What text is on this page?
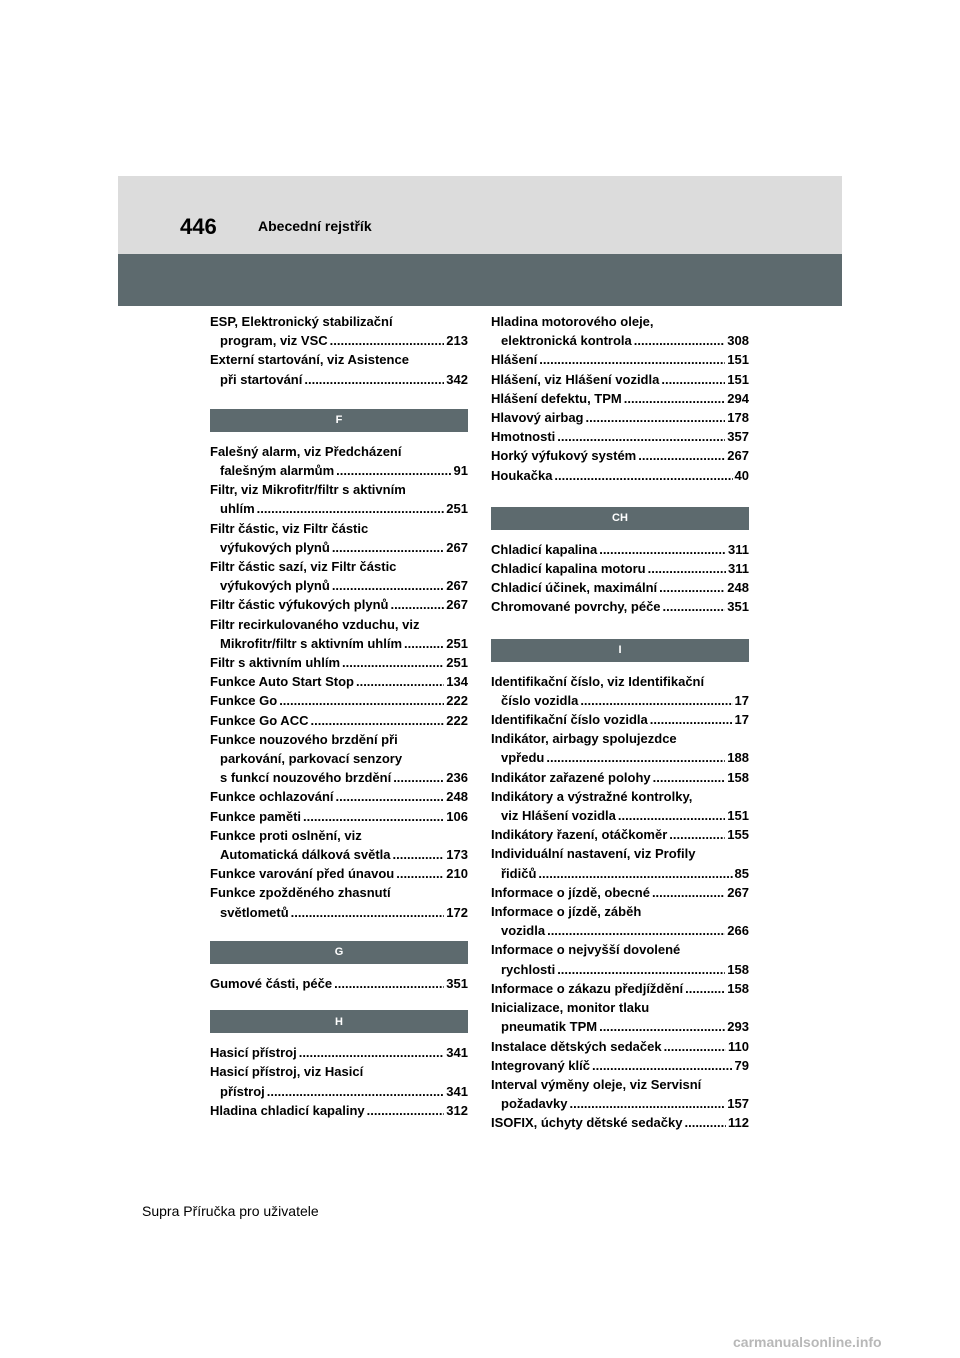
446	Abecední rejstřík
ESP, Elektronický stabilizační
program, viz VSC .....	213
Externí startování, viz Asistence
při startování .....	342
F
Falešný alarm, viz Předcházení
falešným alarmům .....	91
Filtr, viz Mikrofitr/filtr s aktivním
uhlím .....	251
Filtr částic, viz Filtr částic
výfukových plynů .....	267
Filtr částic sazí, viz Filtr částic
výfukových plynů .....	267
Filtr částic výfukových plynů .....	267
Filtr recirkulovaného vzduchu, viz
Mikrofitr/filtr s aktivním uhlím .....	251
Filtr s aktivním uhlím .....	251
Funkce Auto Start Stop .....	134
Funkce Go .....	222
Funkce Go ACC .....	222
Funkce nouzového brzdění při
parkování, parkovací senzory
s funkcí nouzového brzdění .....	236
Funkce ochlazování .....	248
Funkce paměti .....	106
Funkce proti oslnění, viz
Automatická dálková světla .....	173
Funkce varování před únavou .....	210
Funkce zpožděného zhasnutí
světlometů .....	172
G
Gumové části, péče .....	351
H
Hasicí přístroj .....	341
Hasicí přístroj, viz Hasicí
přístroj .....	341
Hladina chladicí kapaliny .....	312
Hladina motorového oleje,
elektronická kontrola .....	308
Hlášení .....	151
Hlášení, viz Hlášení vozidla .....	151
Hlášení defektu, TPM .....	294
Hlavový airbag .....	178
Hmotnosti .....	357
Horký výfukový systém .....	267
Houkačka .....	40
CH
Chladicí kapalina .....	311
Chladicí kapalina motoru .....	311
Chladicí účinek, maximální .....	248
Chromované povrchy, péče .....	351
I
Identifikační číslo, viz Identifikační
číslo vozidla .....	17
Identifikační číslo vozidla .....	17
Indikátor, airbagy spolujezdce
vpředu .....	188
Indikátor zařazené polohy .....	158
Indikátory a výstražné kontrolky,
viz Hlášení vozidla .....	151
Indikátory řazení, otáčkoměr .....	155
Individuální nastavení, viz Profily
řidičů .....	85
Informace o jízdě, obecné .....	267
Informace o jízdě, záběh
vozidla .....	266
Informace o nejvyšší dovolené
rychlosti .....	158
Informace o zákazu předjíždění .....	158
Inicializace, monitor tlaku
pneumatik TPM .....	293
Instalace dětských sedaček .....	110
Integrovaný klíč .....	79
Interval výměny oleje, viz Servisní
požadavky .....	157
ISOFIX, úchyty dětské sedačky .....	112
Supra Příručka pro uživatele
carmanualsonline.info
